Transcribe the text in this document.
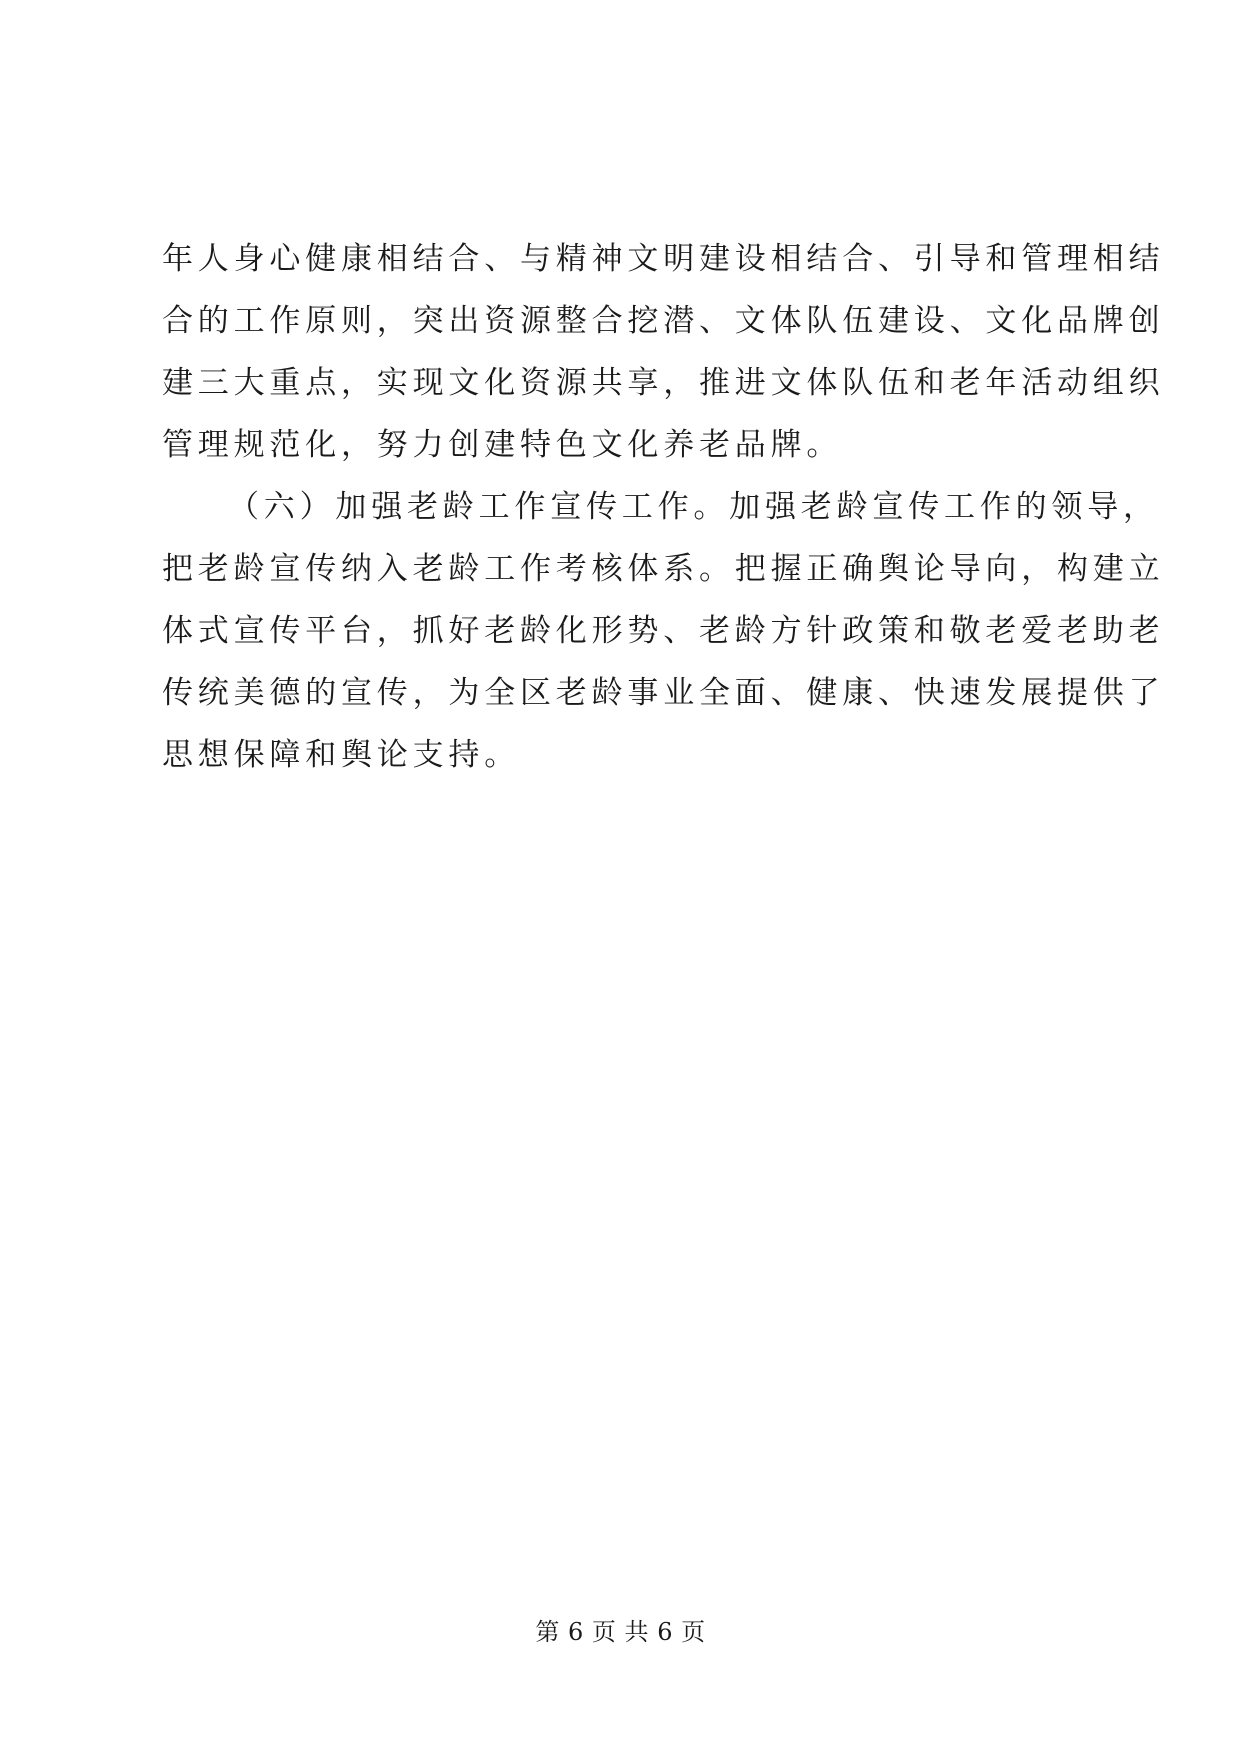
年人身心健康相结合、与精神文明建设相结合、引导和管理相结
合的工作原则，突出资源整合挖潜、文体队伍建设、文化品牌创
建三大重点，实现文化资源共享，推进文体队伍和老年活动组织
管理规范化，努力创建特色文化养老品牌。

（六）加强老龄工作宣传工作。加强老龄宣传工作的领导，
把老龄宣传纳入老龄工作考核体系。把握正确舆论导向，构建立
体式宣传平台，抓好老龄化形势、老龄方针政策和敬老爱老助老
传统美德的宣传，为全区老龄事业全面、健康、快速发展提供了
思想保障和舆论支持。

第 6 页 共 6 页
